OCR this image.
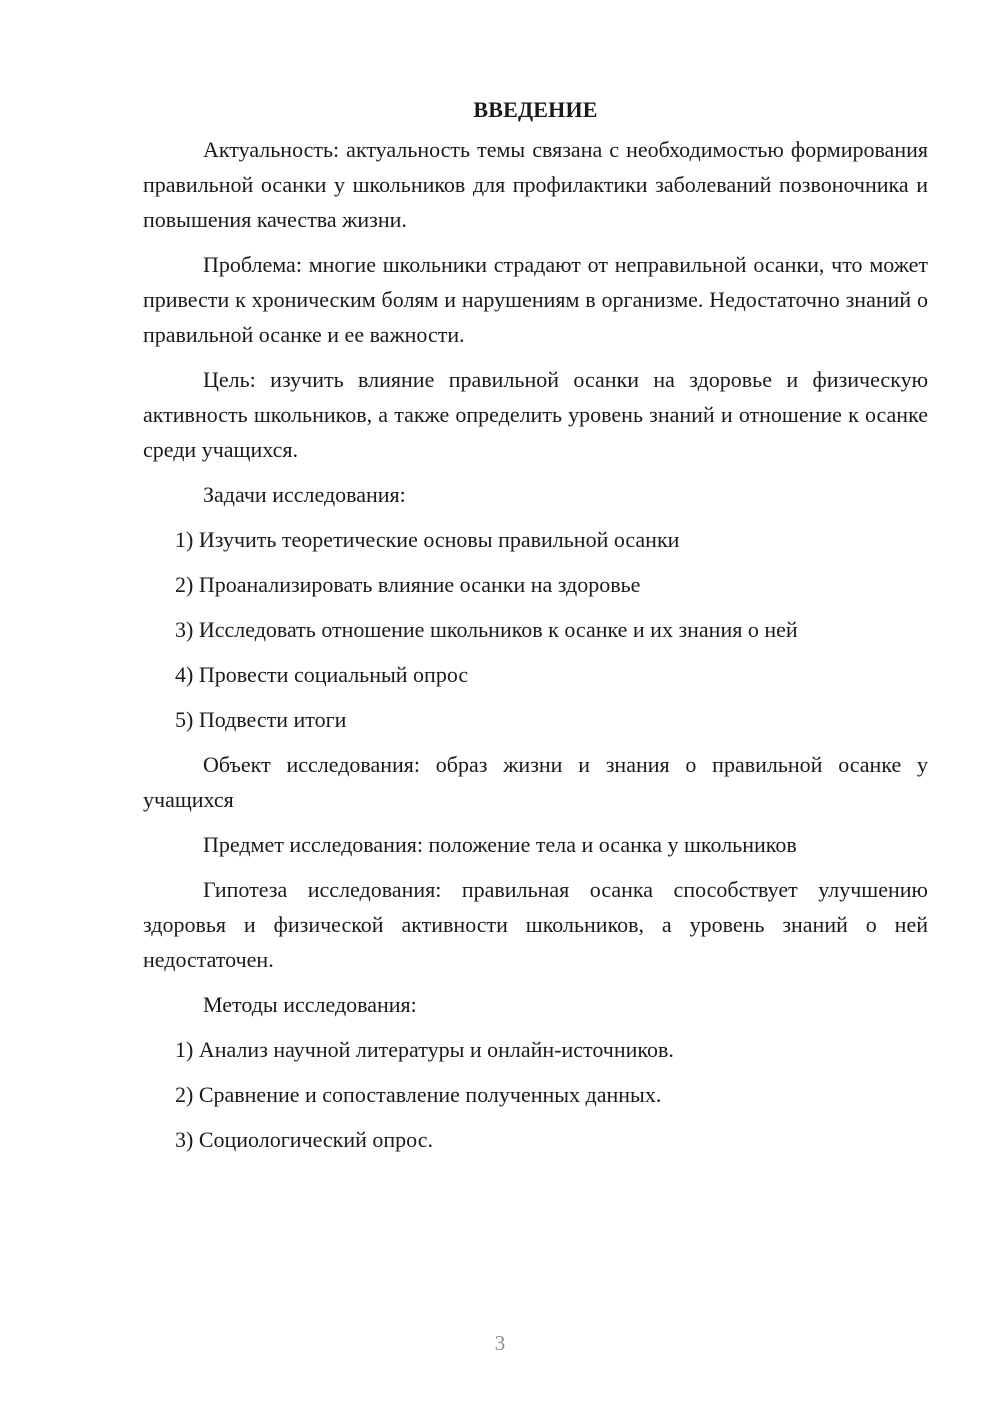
ВВЕДЕНИЕ

Актуальность: актуальность темы связана с необходимостью формирования правильной осанки у школьников для профилактики заболеваний позвоночника и повышения качества жизни.

Проблема: многие школьники страдают от неправильной осанки, что может привести к хроническим болям и нарушениям в организме. Недостаточно знаний о правильной осанке и ее важности.

Цель: изучить влияние правильной осанки на здоровье и физическую активность школьников, а также определить уровень знаний и отношение к осанке среди учащихся.

Задачи исследования:

1) Изучить теоретические основы правильной осанки

2) Проанализировать влияние осанки на здоровье

3) Исследовать отношение школьников к осанке и их знания о ней

4) Провести социальный опрос

5) Подвести итоги

Объект исследования: образ жизни и знания о правильной осанке у учащихся

Предмет исследования: положение тела и осанка у школьников

Гипотеза исследования: правильная осанка способствует улучшению здоровья и физической активности школьников, а уровень знаний о ней недостаточен.

Методы исследования:

1) Анализ научной литературы и онлайн-источников.

2) Сравнение и сопоставление полученных данных.

3) Социологический опрос.

3
